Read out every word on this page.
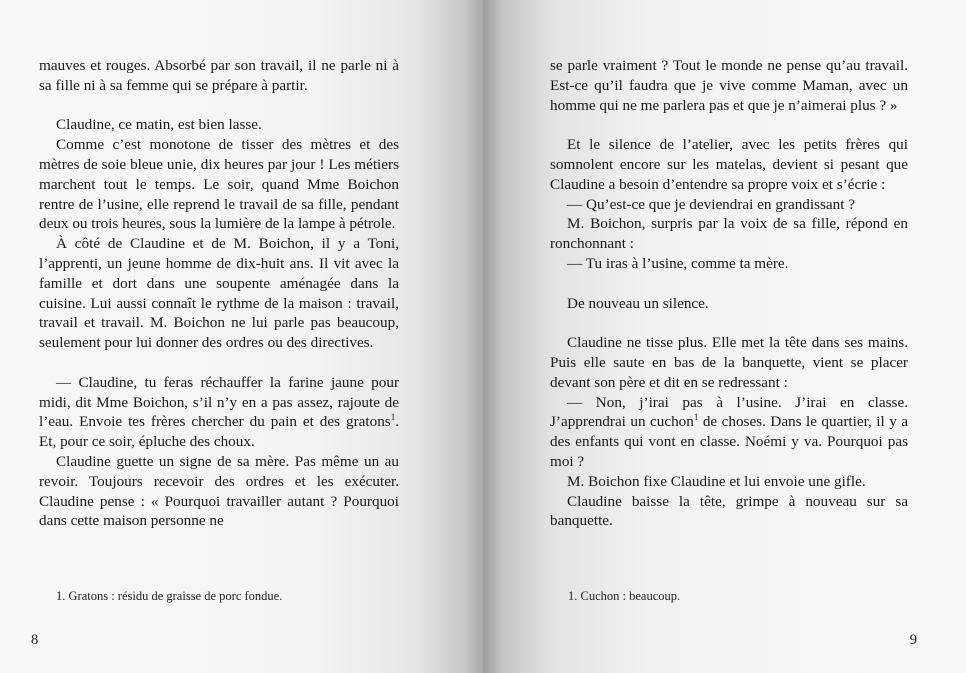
mauves et rouges. Absorbé par son travail, il ne parle ni à sa fille ni à sa femme qui se prépare à partir.

Claudine, ce matin, est bien lasse.

Comme c’est monotone de tisser des mètres et des mètres de soie bleue unie, dix heures par jour ! Les métiers marchent tout le temps. Le soir, quand Mme Boichon rentre de l’usine, elle reprend le travail de sa fille, pendant deux ou trois heures, sous la lumière de la lampe à pétrole.

À côté de Claudine et de M. Boichon, il y a Toni, l’apprenti, un jeune homme de dix-huit ans. Il vit avec la famille et dort dans une soupente aménagée dans la cuisine. Lui aussi connaît le rythme de la maison : travail, travail et travail. M. Boichon ne lui parle pas beaucoup, seulement pour lui donner des ordres ou des directives.

— Claudine, tu feras réchauffer la farine jaune pour midi, dit Mme Boichon, s’il n’y en a pas assez, rajoute de l’eau. Envoie tes frères chercher du pain et des gratons$^1$. Et, pour ce soir, épluche des choux.

Claudine guette un signe de sa mère. Pas même un au revoir. Toujours recevoir des ordres et les exécuter. Claudine pense : « Pourquoi travailler autant ? Pourquoi dans cette maison personne ne

1. Gratons : résidu de graisse de porc fondue.
8

se parle vraiment ? Tout le monde ne pense qu’au travail. Est-ce qu’il faudra que je vive comme Maman, avec un homme qui ne me parlera pas et que je n’aimerai plus ? »

Et le silence de l’atelier, avec les petits frères qui somnolent encore sur les matelas, devient si pesant que Claudine a besoin d’entendre sa propre voix et s’écrie :

— Qu’est-ce que je deviendrai en grandissant ?

M. Boichon, surpris par la voix de sa fille, répond en ronchonnant :

— Tu iras à l’usine, comme ta mère.

De nouveau un silence.

Claudine ne tisse plus. Elle met la tête dans ses mains. Puis elle saute en bas de la banquette, vient se placer devant son père et dit en se redressant :

— Non, j’irai pas à l’usine. J’irai en classe. J’apprendrai un cuchon$^1$ de choses. Dans le quartier, il y a des enfants qui vont en classe. Noémi y va. Pourquoi pas moi ?

M. Boichon fixe Claudine et lui envoie une gifle.

Claudine baisse la tête, grimpe à nouveau sur sa banquette.

1. Cuchon : beaucoup.
9
